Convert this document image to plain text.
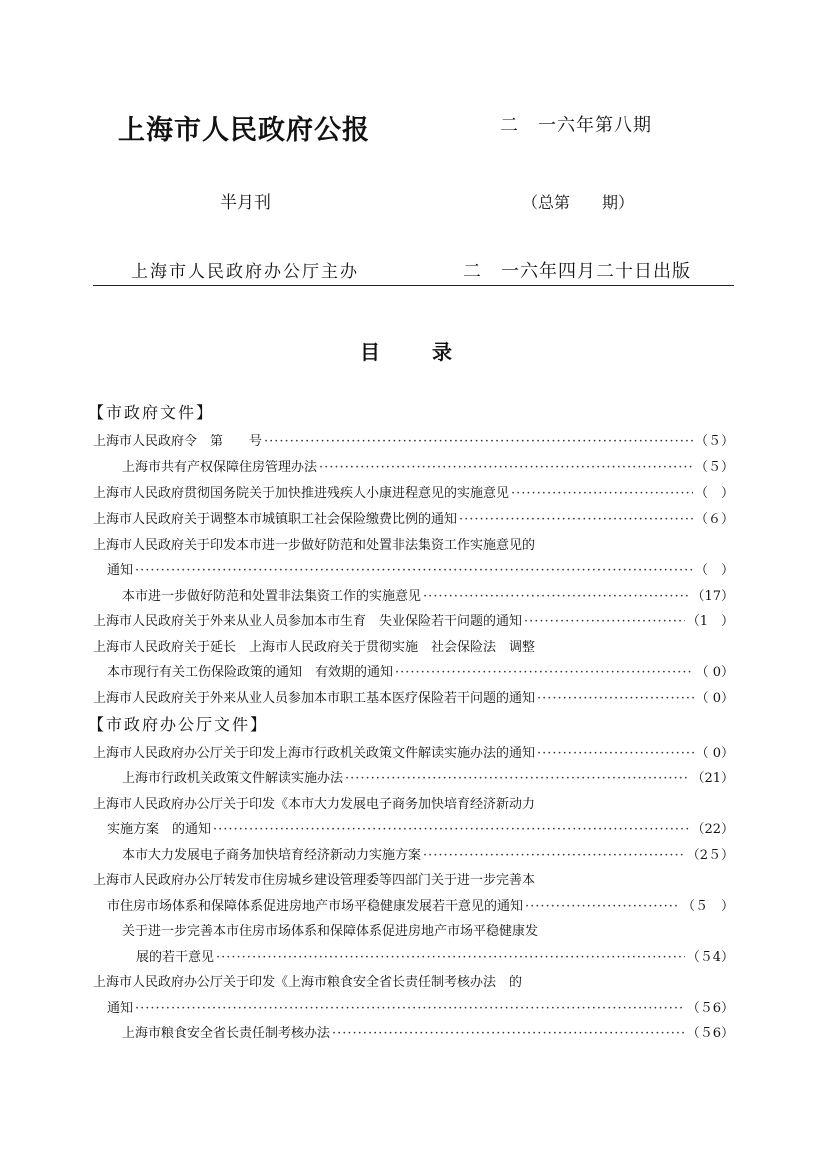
上海市人民政府公报	二　一六年第八期
半月刊	（总第　　期）
上海市人民政府办公厅主办	二　一六年四月二十日出版
目录
【市政府文件】
上海市人民政府令　第　　号 ·····	（５）
上海市共有产权保障住房管理办法 ·····	（５）
上海市人民政府贯彻国务院关于加快推进残疾人小康进程意见的实施意见 ·····	（　）
上海市人民政府关于调整本市城镇职工社会保险缴费比例的通知 ·····	（６）
上海市人民政府关于印发本市进一步做好防范和处置非法集资工作实施意见的
通知 ·····	（　）
本市进一步做好防范和处置非法集资工作的实施意见 ·····	（17）
上海市人民政府关于外来从业人员参加本市生育　失业保险若干问题的通知 ·····	（1　）
上海市人民政府关于延长　上海市人民政府关于贯彻实施　社会保险法　调整
本市现行有关工伤保险政策的通知　有效期的通知 ·····	（ 0）
上海市人民政府关于外来从业人员参加本市职工基本医疗保险若干问题的通知 ·····	（ 0）
【市政府办公厅文件】
上海市人民政府办公厅关于印发上海市行政机关政策文件解读实施办法的通知 ·····	（ 0）
上海市行政机关政策文件解读实施办法 ·····	（21）
上海市人民政府办公厅关于印发《本市大力发展电子商务加快培育经济新动力
实施方案　的通知 ·····	（22）
本市大力发展电子商务加快培育经济新动力实施方案 ·····	（2５）
上海市人民政府办公厅转发市住房城乡建设管理委等四部门关于进一步完善本
市住房市场体系和保障体系促进房地产市场平稳健康发展若干意见的通知 ·····	（５　）
关于进一步完善本市住房市场体系和保障体系促进房地产市场平稳健康发
展的若干意见 ·····	（５4）
上海市人民政府办公厅关于印发《上海市粮食安全省长责任制考核办法　的
通知 ·····	（５6）
上海市粮食安全省长责任制考核办法 ·····	（５6）
